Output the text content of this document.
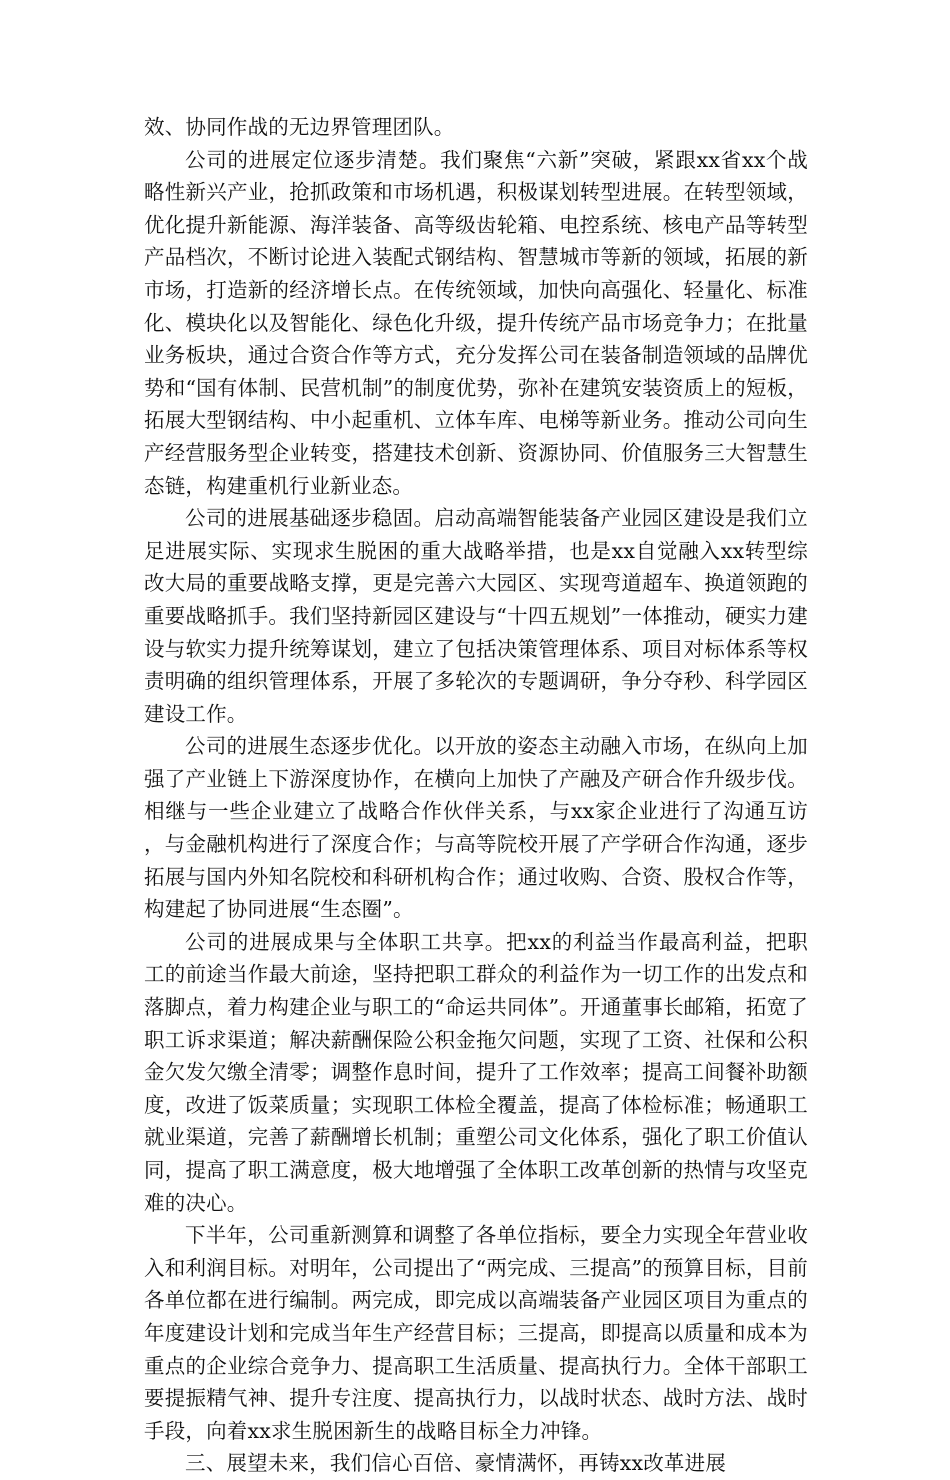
效、协同作战的无边界管理团队。

公司的进展定位逐步清楚。我们聚焦“六新”突破，紧跟xx省xx个战略性新兴产业，抢抓政策和市场机遇，积极谋划转型进展。在转型领域，优化提升新能源、海洋装备、高等级齿轮箱、电控系统、核电产品等转型产品档次，不断讨论进入装配式钢结构、智慧城市等新的领域，拓展的新市场，打造新的经济增长点。在传统领域，加快向高强化、轻量化、标准化、模块化以及智能化、绿色化升级，提升传统产品市场竞争力；在批量业务板块，通过合资合作等方式，充分发挥公司在装备制造领域的品牌优势和“国有体制、民营机制”的制度优势，弥补在建筑安装资质上的短板，拓展大型钢结构、中小起重机、立体车库、电梯等新业务。推动公司向生产经营服务型企业转变，搭建技术创新、资源协同、价值服务三大智慧生态链，构建重机行业新业态。

公司的进展基础逐步稳固。启动高端智能装备产业园区建设是我们立足进展实际、实现求生脱困的重大战略举措，也是xx自觉融入xx转型综改大局的重要战略支撑，更是完善六大园区、实现弯道超车、换道领跑的重要战略抓手。我们坚持新园区建设与“十四五规划”一体推动，硬实力建设与软实力提升统筹谋划，建立了包括决策管理体系、项目对标体系等权责明确的组织管理体系，开展了多轮次的专题调研，争分夺秒、科学园区建设工作。

公司的进展生态逐步优化。以开放的姿态主动融入市场，在纵向上加强了产业链上下游深度协作，在横向上加快了产融及产研合作升级步伐。相继与一些企业建立了战略合作伙伴关系，与xx家企业进行了沟通互访，与金融机构进行了深度合作；与高等院校开展了产学研合作沟通，逐步拓展与国内外知名院校和科研机构合作；通过收购、合资、股权合作等，构建起了协同进展“生态圈”。

公司的进展成果与全体职工共享。把xx的利益当作最高利益，把职工的前途当作最大前途，坚持把职工群众的利益作为一切工作的出发点和落脚点，着力构建企业与职工的“命运共同体”。开通董事长邮箱，拓宽了职工诉求渠道；解决薪酬保险公积金拖欠问题，实现了工资、社保和公积金欠发欠缴全清零；调整作息时间，提升了工作效率；提高工间餐补助额度，改进了饭菜质量；实现职工体检全覆盖，提高了体检标准；畅通职工就业渠道，完善了薪酬增长机制；重塑公司文化体系，强化了职工价值认同，提高了职工满意度，极大地增强了全体职工改革创新的热情与攻坚克难的决心。

下半年，公司重新测算和调整了各单位指标，要全力实现全年营业收入和利润目标。对明年，公司提出了“两完成、三提高”的预算目标，目前各单位都在进行编制。两完成，即完成以高端装备产业园区项目为重点的年度建设计划和完成当年生产经营目标；三提高，即提高以质量和成本为重点的企业综合竞争力、提高职工生活质量、提高执行力。全体干部职工要提振精气神、提升专注度、提高执行力，以战时状态、战时方法、战时手段，向着xx求生脱困新生的战略目标全力冲锋。

三、展望未来，我们信心百倍、豪情满怀，再铸xx改革进展
